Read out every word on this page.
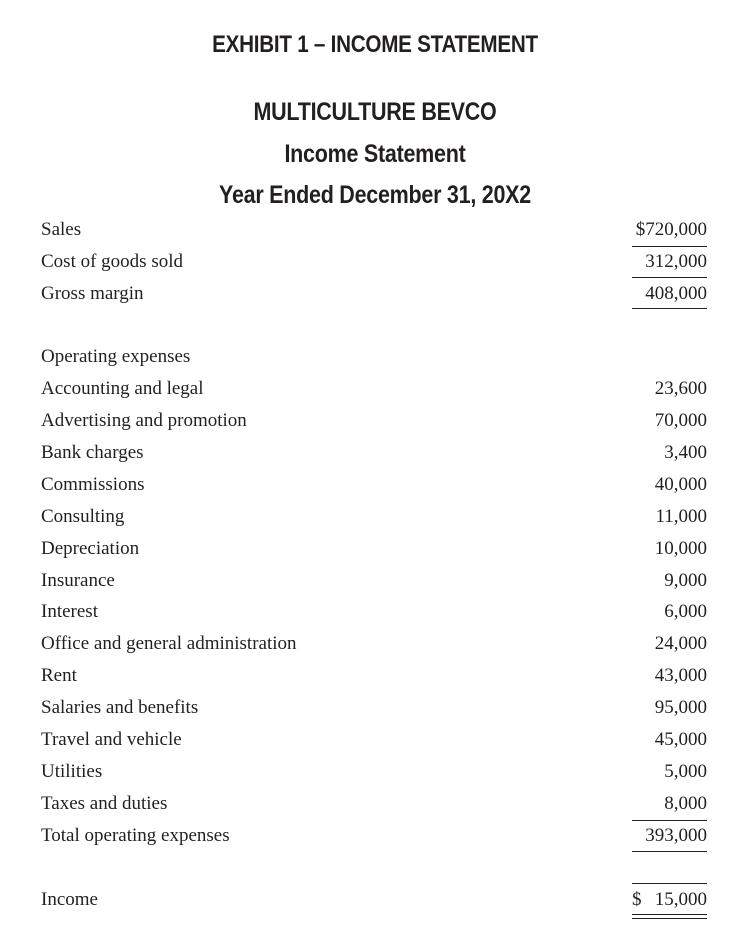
EXHIBIT 1 – INCOME STATEMENT
MULTICULTURE BEVCO
Income Statement
Year Ended December 31, 20X2
Sales	$720,000
Cost of goods sold	312,000
Gross margin	408,000
Operating expenses
Accounting and legal	23,600
Advertising and promotion	70,000
Bank charges	3,400
Commissions	40,000
Consulting	11,000
Depreciation	10,000
Insurance	9,000
Interest	6,000
Office and general administration	24,000
Rent	43,000
Salaries and benefits	95,000
Travel and vehicle	45,000
Utilities	5,000
Taxes and duties	8,000
Total operating expenses	393,000
Income	$ 15,000
